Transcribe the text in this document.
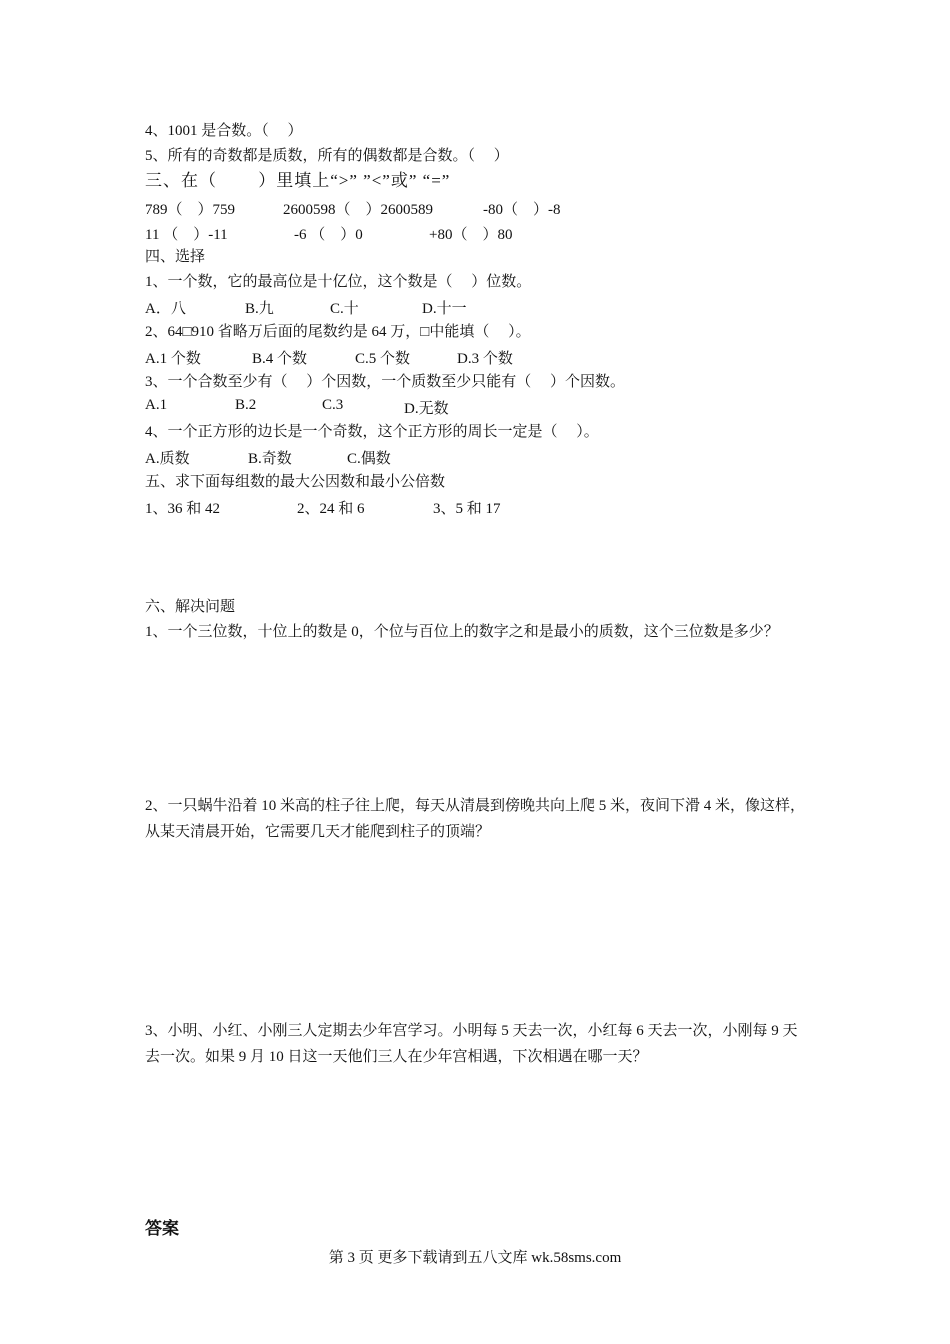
4、1001 是合数。（　 ）
5、所有的奇数都是质数，所有的偶数都是合数。（　 ）
三、在（　　 ）里填上“>” ”<”或” “=”
789（　）759	2600598（　）2600589	-80（　）-8
11 （　）-11	-6 （　）0	+80（　）80
四、选择
1、一个数，它的最高位是十亿位，这个数是（　 ）位数。
A．八	B.九	C.十	D.十一
2、64□910 省略万后面的尾数约是 64 万，□中能填（　 ）。
A.1 个数	B.4 个数	C.5 个数	D.3 个数
3、一个合数至少有（　 ）个因数，一个质数至少只能有（　 ）个因数。
A.1	B.2	C.3	D.无数
4、一个正方形的边长是一个奇数，这个正方形的周长一定是（　 ）。
A.质数	B.奇数	C.偶数
五、求下面每组数的最大公因数和最小公倍数
1、36 和 42	2、24 和 6	3、5 和 17
六、解决问题
1、一个三位数，十位上的数是 0，个位与百位上的数字之和是最小的质数，这个三位数是多少？
2、一只蜗牛沿着 10 米高的柱子往上爬，每天从清晨到傍晚共向上爬 5 米，夜间下滑 4 米，像这样，
从某天清晨开始，它需要几天才能爬到柱子的顶端？
3、小明、小红、小刚三人定期去少年宫学习。小明每 5 天去一次，小红每 6 天去一次，小刚每 9 天
去一次。如果 9 月 10 日这一天他们三人在少年宫相遇，下次相遇在哪一天？
答案
第 3 页 更多下载请到五八文库 wk.58sms.com
